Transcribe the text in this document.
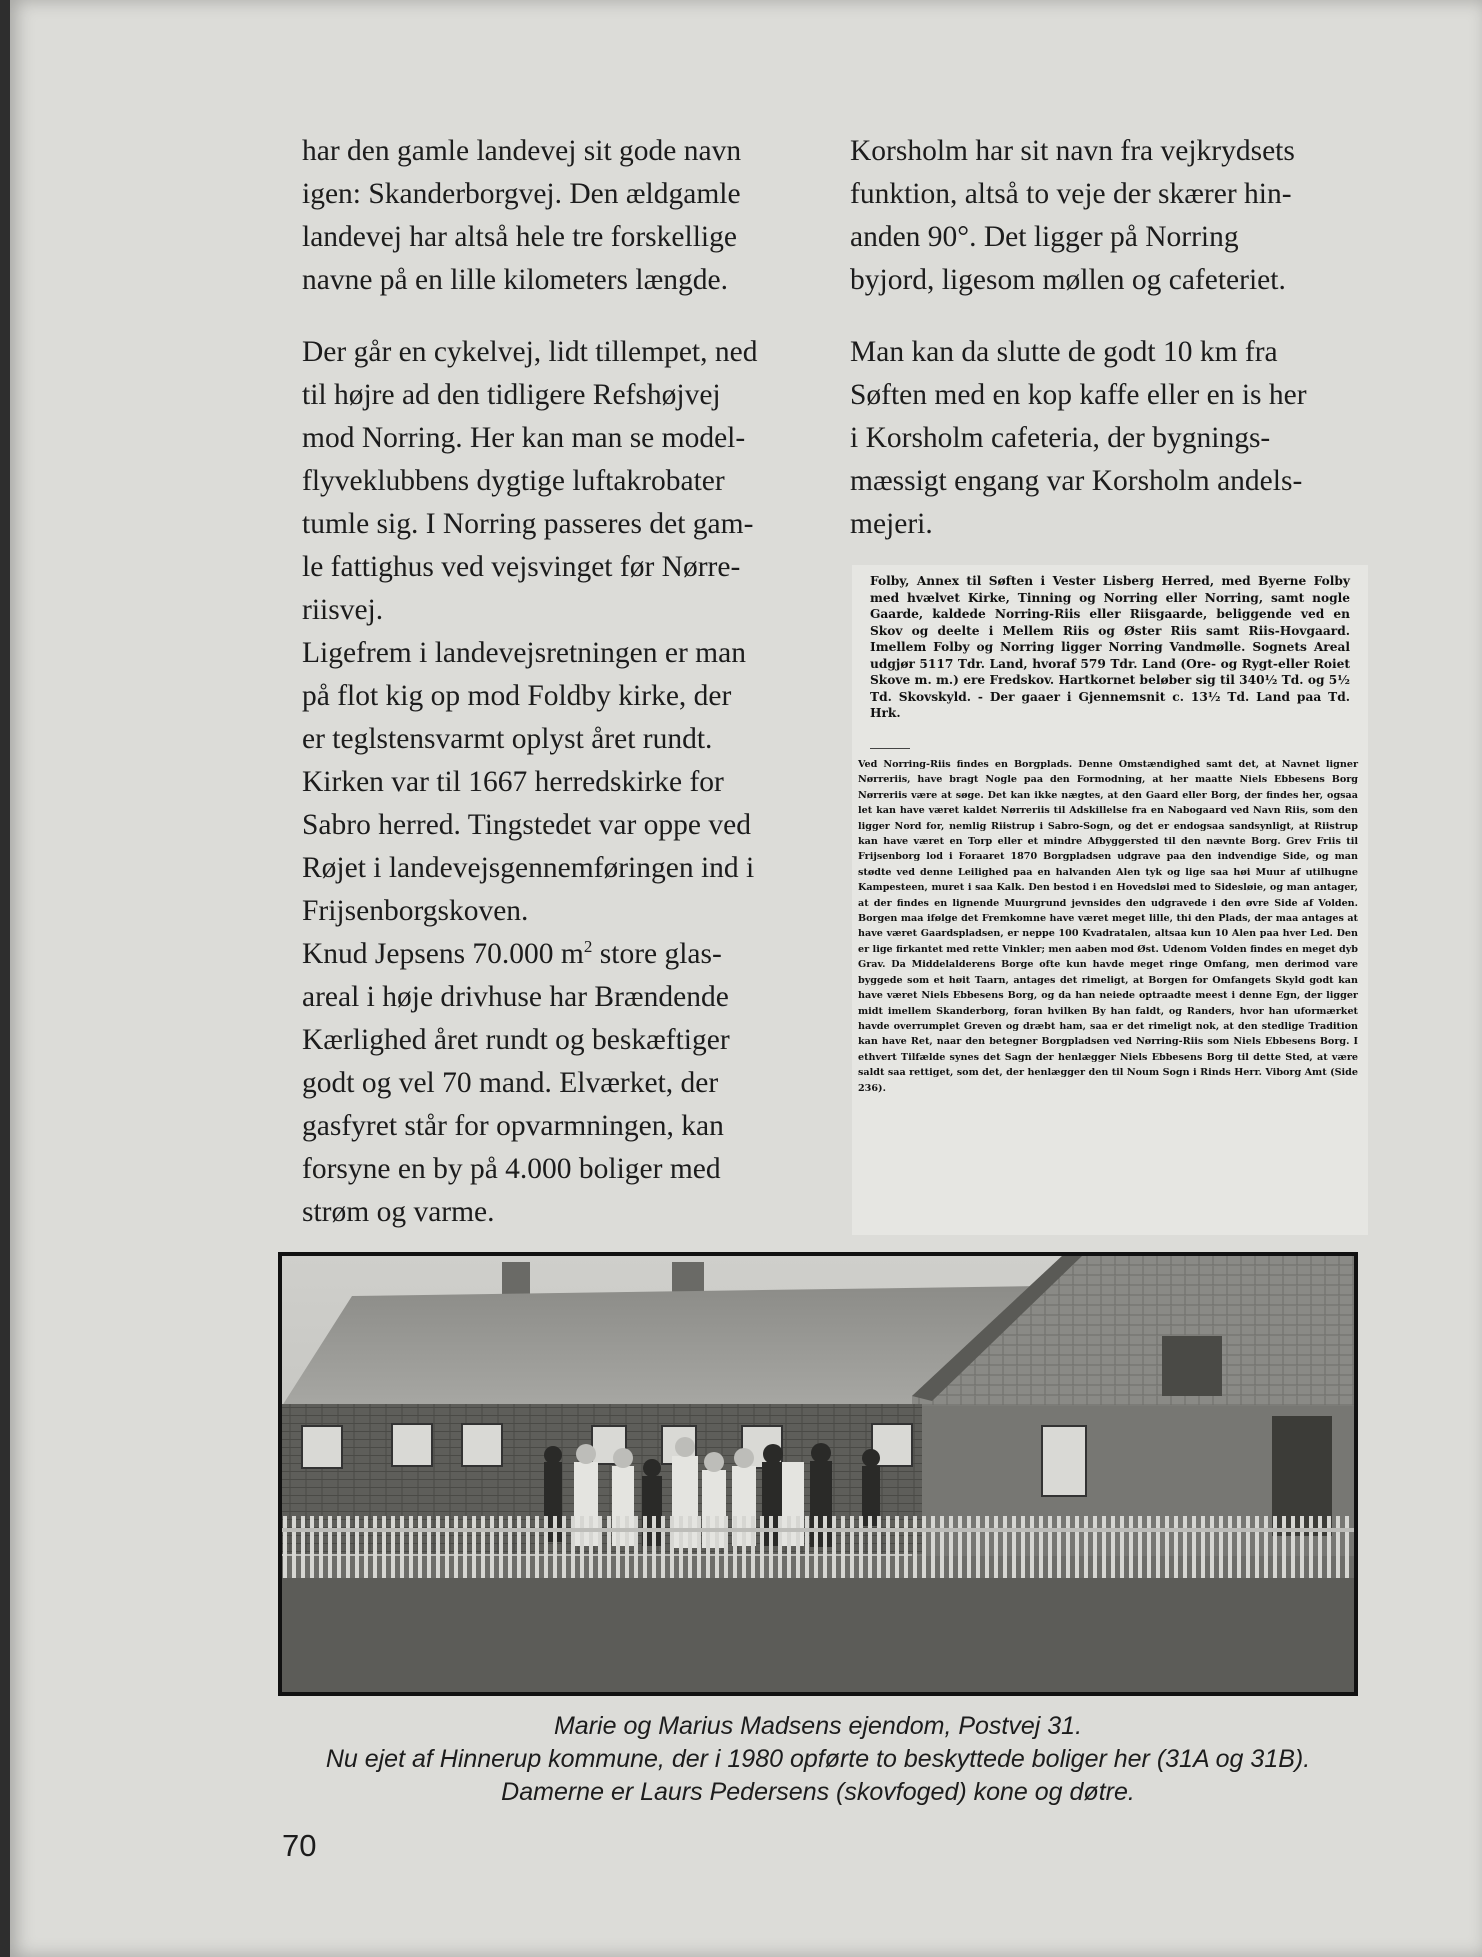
har den gamle landevej sit gode navn
igen: Skanderborgvej. Den ældgamle
landevej har altså hele tre forskellige
navne på en lille kilometers længde.

Der går en cykelvej, lidt tillempet, ned
til højre ad den tidligere Refshøjvej
mod Norring. Her kan man se model-
flyveklubbens dygtige luftakrobater
tumle sig. I Norring passeres det gam-
le fattighus ved vejsvinget før Nørre-
riisvej.

Ligefrem i landevejsretningen er man
på flot kig op mod Foldby kirke, der
er teglstensvarmt oplyst året rundt.

Kirken var til 1667 herredskirke for
Sabro herred. Tingstedet var oppe ved
Røjet i landevejsgennemføringen ind i
Frijsenborgskoven.

Knud Jepsens 70.000 $m^2$ store glas-
areal i høje drivhuse har Brændende
Kærlighed året rundt og beskæftiger
godt og vel 70 mand. Elværket, der
gasfyret står for opvarmningen, kan
forsyne en by på 4.000 boliger med
strøm og varme.

Korsholm har sit navn fra vejkrydsets
funktion, altså to veje der skærer hin-
anden 90°. Det ligger på Norring
byjord, ligesom møllen og cafeteriet.

Man kan da slutte de godt 10 km fra
Søften med en kop kaffe eller en is her
i Korsholm cafeteria, der bygnings-
mæssigt engang var Korsholm andels-
mejeri.

Folby, Annex til Søften i Vester Lisberg Herred, med Byerne Folby med hvælvet Kirke, Tinning og Norring eller Norring, samt nogle Gaarde, kaldede Norring-Riis eller Riisgaarde, beliggende ved en Skov og deelte i Mellem Riis og Øster Riis samt Riis-Hovgaard. Imellem Folby og Norring ligger Norring Vandmølle. Sognets Areal udgjør 5117 Tdr. Land, hvoraf 579 Tdr. Land (Ore- og Rygt-eller Roiet Skove m. m.) ere Fredskov. Hartkornet beløber sig til 340½ Td. og 5½ Td. Skovskyld. - Der gaaer i Gjennemsnit c. 13½ Td. Land paa Td. Hrk.
Ved Norring-Riis findes en Borgplads. Denne Omstændighed samt det, at Navnet ligner Nørreriis, have bragt Nogle paa den Formodning, at her maatte Niels Ebbesens Borg Nørreriis være at søge. Det kan ikke nægtes, at den Gaard eller Borg, der findes her, ogsaa let kan have været kaldet Nørreriis til Adskillelse fra en Nabogaard ved Navn Riis, som den ligger Nord for, nemlig Riistrup i Sabro-Sogn, og det er endogsaa sandsynligt, at Riistrup kan have været en Torp eller et mindre Afbyggersted til den nævnte Borg. Grev Friis til Frijsenborg lod i Foraaret 1870 Borgpladsen udgrave paa den indvendige Side, og man stødte ved denne Leilighed paa en halvanden Alen tyk og lige saa høi Muur af utilhugne Kampesteen, muret i saa Kalk. Den bestod i en Hovedsløi med to Sidesløie, og man antager, at der findes en lignende Muurgrund jevnsides den udgravede i den øvre Side af Volden. Borgen maa ifølge det Fremkomne have været meget lille, thi den Plads, der maa antages at have været Gaardspladsen, er neppe 100 Kvadratalen, altsaa kun 10 Alen paa hver Led. Den er lige firkantet med rette Vinkler; men aaben mod Øst. Udenom Volden findes en meget dyb Grav. Da Middelalderens Borge ofte kun havde meget ringe Omfang, men derimod vare byggede som et høit Taarn, antages det rimeligt, at Borgen for Omfangets Skyld godt kan have været Niels Ebbesens Borg, og da han neiede optraadte meest i denne Egn, der ligger midt imellem Skanderborg, foran hvilken By han faldt, og Randers, hvor han uformærket havde overrumplet Greven og dræbt ham, saa er det rimeligt nok, at den stedlige Tradition kan have Ret, naar den betegner Borgpladsen ved Nørring-Riis som Niels Ebbesens Borg. I ethvert Tilfælde synes det Sagn der henlægger Niels Ebbesens Borg til dette Sted, at være saldt saa rettiget, som det, der henlægger den til Noum Sogn i Rinds Herr. Viborg Amt (Side 236).
Marie og Marius Madsens ejendom, Postvej 31.
Nu ejet af Hinnerup kommune, der i 1980 opførte to beskyttede boliger her (31A og 31B).
Damerne er Laurs Pedersens (skovfoged) kone og døtre.
70
